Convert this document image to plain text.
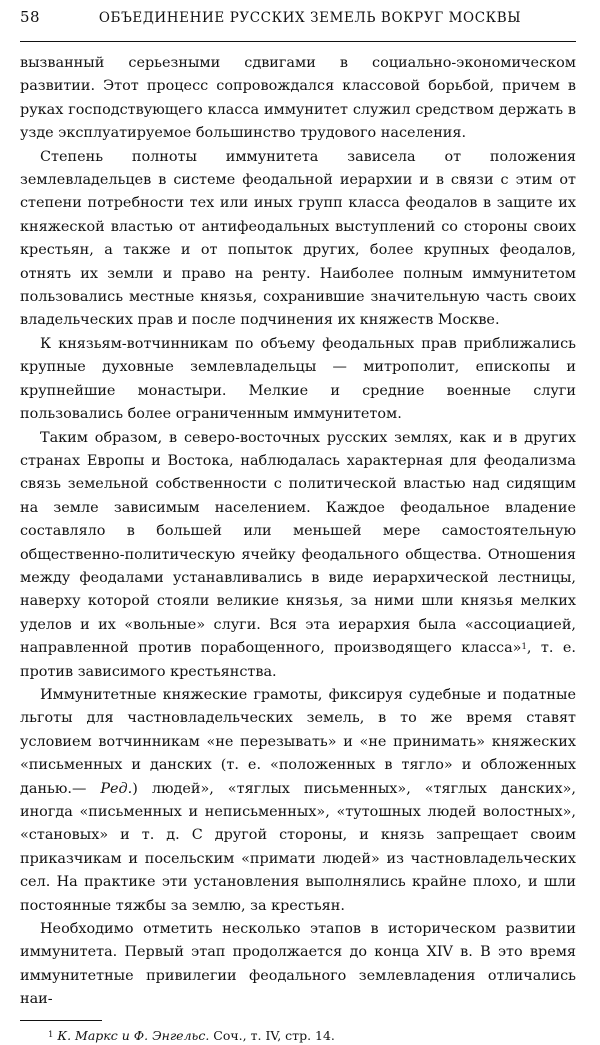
58	ОБЪЕДИНЕНИЕ РУССКИХ ЗЕМЕЛЬ ВОКРУГ МОСКВЫ

вызванный серьезными сдвигами в социально-экономическом развитии. Этот процесс сопровождался классовой борьбой, причем в руках господствующего класса иммунитет служил средством держать в узде эксплуатируемое большинство трудового населения.

Степень полноты иммунитета зависела от положения землевладельцев в системе феодальной иерархии и в связи с этим от степени потребности тех или иных групп класса феодалов в защите их княжеской властью от антифеодальных выступлений со стороны своих крестьян, а также и от попыток других, более крупных феодалов, отнять их земли и право на ренту. Наиболее полным иммунитетом пользовались местные князья, сохранившие значительную часть своих владельческих прав и после подчинения их княжеств Москве.

К князьям-вотчинникам по объему феодальных прав приближались крупные духовные землевладельцы — митрополит, епископы и крупнейшие монастыри. Мелкие и средние военные слуги пользовались более ограниченным иммунитетом.

Таким образом, в северо-восточных русских землях, как и в других странах Европы и Востока, наблюдалась характерная для феодализма связь земельной собственности с политической властью над сидящим на земле зависимым населением. Каждое феодальное владение составляло в большей или меньшей мере самостоятельную общественно-политическую ячейку феодального общества. Отношения между феодалами устанавливались в виде иерархической лестницы, наверху которой стояли великие князья, за ними шли князья мелких уделов и их «вольные» слуги. Вся эта иерархия была «ассоциацией, направленной против порабощенного, производящего класса»$^1$, т. е. против зависимого крестьянства.

Иммунитетные княжеские грамоты, фиксируя судебные и податные льготы для частновладельческих земель, в то же время ставят условием вотчинникам «не перезывать» и «не принимать» княжеских «письменных и данских (т. е. «положенных в тягло» и обложенных данью.— Ред.) людей», «тяглых письменных», «тяглых данских», иногда «письменных и неписьменных», «тутошных людей волостных», «становых» и т. д. С другой стороны, и князь запрещает своим приказчикам и посельским «примати людей» из частновладельческих сел. На практике эти установления выполнялись крайне плохо, и шли постоянные тяжбы за землю, за крестьян.

Необходимо отметить несколько этапов в историческом развитии иммунитета. Первый этап продолжается до конца XIV в. В это время иммунитетные привилегии феодального землевладения отличались наи-

$^1$ К. Маркс и Ф. Энгельс. Соч., т. IV, стр. 14.
